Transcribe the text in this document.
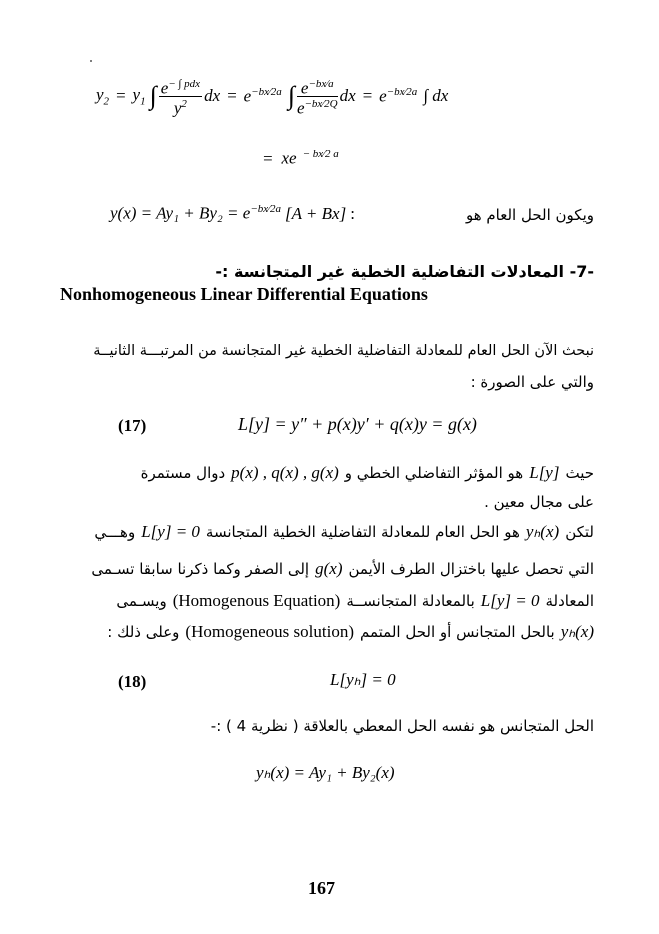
$y_2 = y_1$ ∫ $\frac{e^{- \int pdx}}{y^2}$ dx = $e^{-bx⁄2a}$ ∫ $\frac{e^{-bx⁄a}}{e^{-bx⁄2Q}}$ dx = $e^{-bx⁄2a}$ ∫ dx
= xe $^{- bx⁄2 a}$
$y(x) = Ay_1 + By_2 = e^{-bx⁄2a}$ [A + Bx] :	ويكون الحل العام هو
-7- المعادلات التفاضلية الخطية غير المتجانسة :-
Nonhomogeneous Linear Differential Equations
نبحث الآن الحل العام للمعادلة التفاضلية الخطية غير المتجانسة من المرتبـــة الثانيــة
والتي على الصورة :
(17)	L[y] = y″ + p(x)y′ + q(x)y = g(x)
حيث
L[y]
هو المؤثر التفاضلي الخطي و
p(x) , q(x) , g(x)
دوال مستمرة
على مجال معين .
لتكن
yₕ(x)
هو الحل العام للمعادلة التفاضلية الخطية المتجانسة
L[y] = 0
وهـــي
التي تحصل عليها باختزال الطرف الأيمن
g(x)
إلى الصفر وكما ذكرنا سابقا تسـمى
المعادلة
L[y] = 0
بالمعادلة المتجانســة
(Homogenous Equation)
ويسـمى
yₕ(x)
بالحل المتجانس أو الحل المتمم
(Homogeneous solution)
وعلى ذلك :
(18)	L[yₕ] = 0
الحل المتجانس هو نفسه الحل المعطي بالعلاقة ( نظرية 4 ) :-
yₕ(x) = Ay₁ + By₂(x)
167
